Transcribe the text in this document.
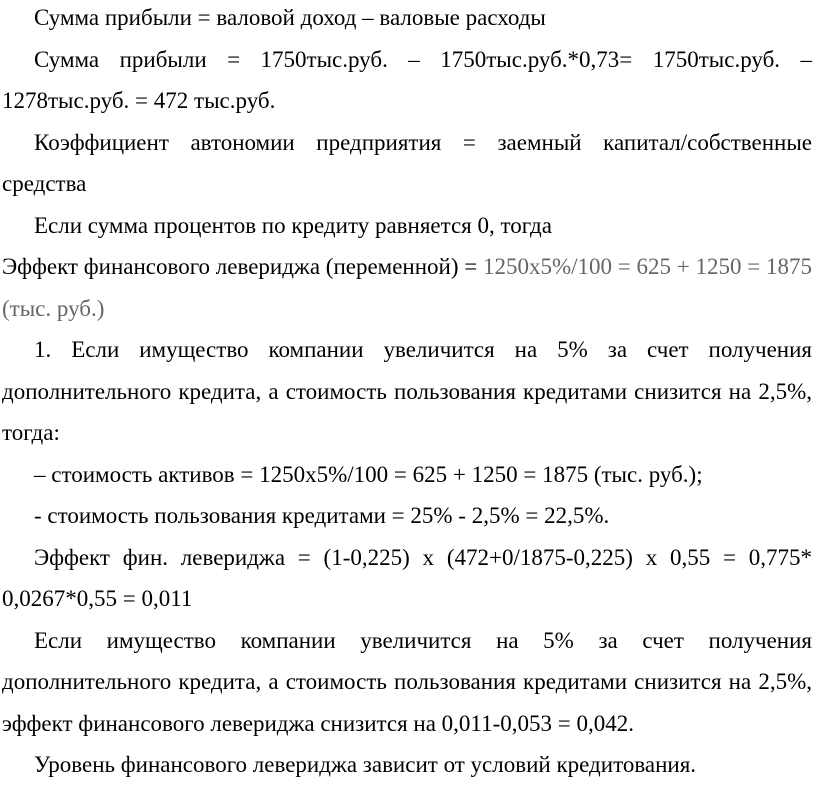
Сумма прибыли = валовой доход – валовые расходы

Сумма прибыли = 1750тыс.руб. – 1750тыс.руб.*0,73= 1750тыс.руб. – 1278тыс.руб. = 472 тыс.руб.

Коэффициент автономии предприятия = заемный капитал/собственные средства

Если сумма процентов по кредиту равняется 0, тогда

Эффект финансового левериджа (переменной) = 1250x5%/100 = 625 + 1250 = 1875 (тыс. руб.)

1. Если имущество компании увеличится на 5% за счет получения дополнительного кредита, а стоимость пользования кредитами снизится на 2,5%, тогда:

– стоимость активов = 1250x5%/100 = 625 + 1250 = 1875 (тыс. руб.);

- стоимость пользования кредитами = 25% - 2,5% = 22,5%.

Эффект фин. левериджа = (1-0,225) х (472+0/1875-0,225) х 0,55 = 0,775* 0,0267*0,55 = 0,011

Если имущество компании увеличится на 5% за счет получения дополнительного кредита, а стоимость пользования кредитами снизится на 2,5%, эффект финансового левериджа снизится на 0,011-0,053 = 0,042.

Уровень финансового левериджа зависит от условий кредитования.
